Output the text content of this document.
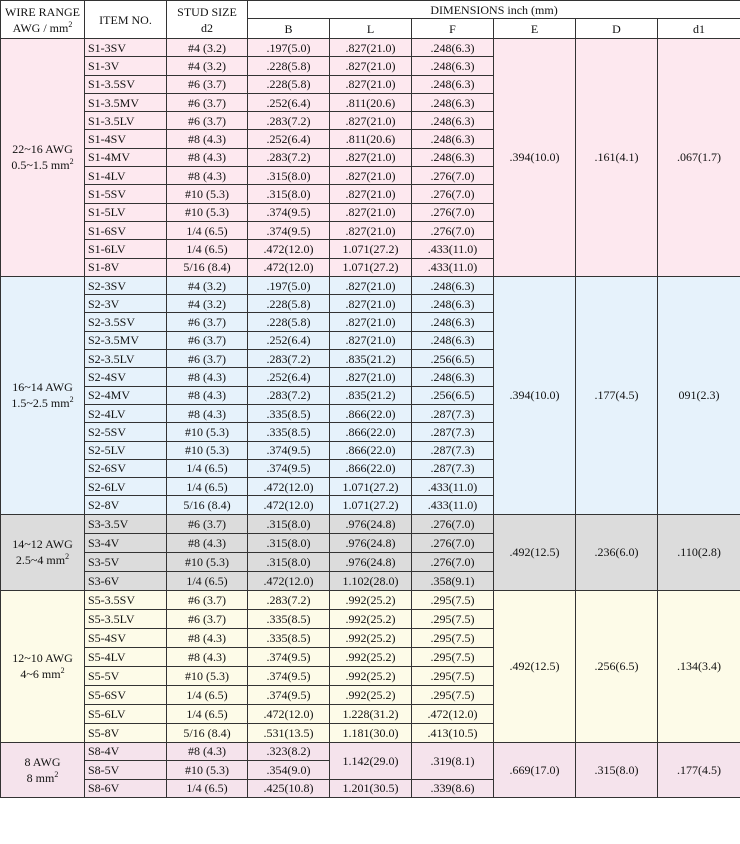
WIRE RANGE
AWG / $mm^2$	ITEM NO.	STUD SIZE
d2	DIMENSIONS inch (mm)					
			B	L	F	E	D	d1
22~16 AWG
0.5~1.5 $mm^2$	S1-3SV	#4 (3.2)	.197(5.0)	.827(21.0)	.248(6.3)	.394(10.0)	.161(4.1)	.067(1.7)
	S1-3V	#4 (3.2)	.228(5.8)	.827(21.0)	.248(6.3)			
	S1-3.5SV	#6 (3.7)	.228(5.8)	.827(21.0)	.248(6.3)			
	S1-3.5MV	#6 (3.7)	.252(6.4)	.811(20.6)	.248(6.3)			
	S1-3.5LV	#6 (3.7)	.283(7.2)	.827(21.0)	.248(6.3)			
	S1-4SV	#8 (4.3)	.252(6.4)	.811(20.6)	.248(6.3)			
	S1-4MV	#8 (4.3)	.283(7.2)	.827(21.0)	.248(6.3)			
	S1-4LV	#8 (4.3)	.315(8.0)	.827(21.0)	.276(7.0)			
	S1-5SV	#10 (5.3)	.315(8.0)	.827(21.0)	.276(7.0)			
	S1-5LV	#10 (5.3)	.374(9.5)	.827(21.0)	.276(7.0)			
	S1-6SV	1/4 (6.5)	.374(9.5)	.827(21.0)	.276(7.0)			
	S1-6LV	1/4 (6.5)	.472(12.0)	1.071(27.2)	.433(11.0)			
	S1-8V	5/16 (8.4)	.472(12.0)	1.071(27.2)	.433(11.0)			
16~14 AWG
1.5~2.5 $mm^2$	S2-3SV	#4 (3.2)	.197(5.0)	.827(21.0)	.248(6.3)	.394(10.0)	.177(4.5)	091(2.3)
	S2-3V	#4 (3.2)	.228(5.8)	.827(21.0)	.248(6.3)			
	S2-3.5SV	#6 (3.7)	.228(5.8)	.827(21.0)	.248(6.3)			
	S2-3.5MV	#6 (3.7)	.252(6.4)	.827(21.0)	.248(6.3)			
	S2-3.5LV	#6 (3.7)	.283(7.2)	.835(21.2)	.256(6.5)			
	S2-4SV	#8 (4.3)	.252(6.4)	.827(21.0)	.248(6.3)			
	S2-4MV	#8 (4.3)	.283(7.2)	.835(21.2)	.256(6.5)			
	S2-4LV	#8 (4.3)	.335(8.5)	.866(22.0)	.287(7.3)			
	S2-5SV	#10 (5.3)	.335(8.5)	.866(22.0)	.287(7.3)			
	S2-5LV	#10 (5.3)	.374(9.5)	.866(22.0)	.287(7.3)			
	S2-6SV	1/4 (6.5)	.374(9.5)	.866(22.0)	.287(7.3)			
	S2-6LV	1/4 (6.5)	.472(12.0)	1.071(27.2)	.433(11.0)			
	S2-8V	5/16 (8.4)	.472(12.0)	1.071(27.2)	.433(11.0)			
14~12 AWG
2.5~4 $mm^2$	S3-3.5V	#6 (3.7)	.315(8.0)	.976(24.8)	.276(7.0)	.492(12.5)	.236(6.0)	.110(2.8)
	S3-4V	#8 (4.3)	.315(8.0)	.976(24.8)	.276(7.0)			
	S3-5V	#10 (5.3)	.315(8.0)	.976(24.8)	.276(7.0)			
	S3-6V	1/4 (6.5)	.472(12.0)	1.102(28.0)	.358(9.1)			
12~10 AWG
4~6 $mm^2$	S5-3.5SV	#6 (3.7)	.283(7.2)	.992(25.2)	.295(7.5)	.492(12.5)	.256(6.5)	.134(3.4)
	S5-3.5LV	#6 (3.7)	.335(8.5)	.992(25.2)	.295(7.5)			
	S5-4SV	#8 (4.3)	.335(8.5)	.992(25.2)	.295(7.5)			
	S5-4LV	#8 (4.3)	.374(9.5)	.992(25.2)	.295(7.5)			
	S5-5V	#10 (5.3)	.374(9.5)	.992(25.2)	.295(7.5)			
	S5-6SV	1/4 (6.5)	.374(9.5)	.992(25.2)	.295(7.5)			
	S5-6LV	1/4 (6.5)	.472(12.0)	1.228(31.2)	.472(12.0)			
	S5-8V	5/16 (8.4)	.531(13.5)	1.181(30.0)	.413(10.5)			
8 AWG
8 $mm^2$	S8-4V	#8 (4.3)	.323(8.2)	1.142(29.0)	.319(8.1)	.669(17.0)	.315(8.0)	.177(4.5)
	S8-5V	#10 (5.3)	.354(9.0)					
	S8-6V	1/4 (6.5)	.425(10.8)	1.201(30.5)	.339(8.6)			
